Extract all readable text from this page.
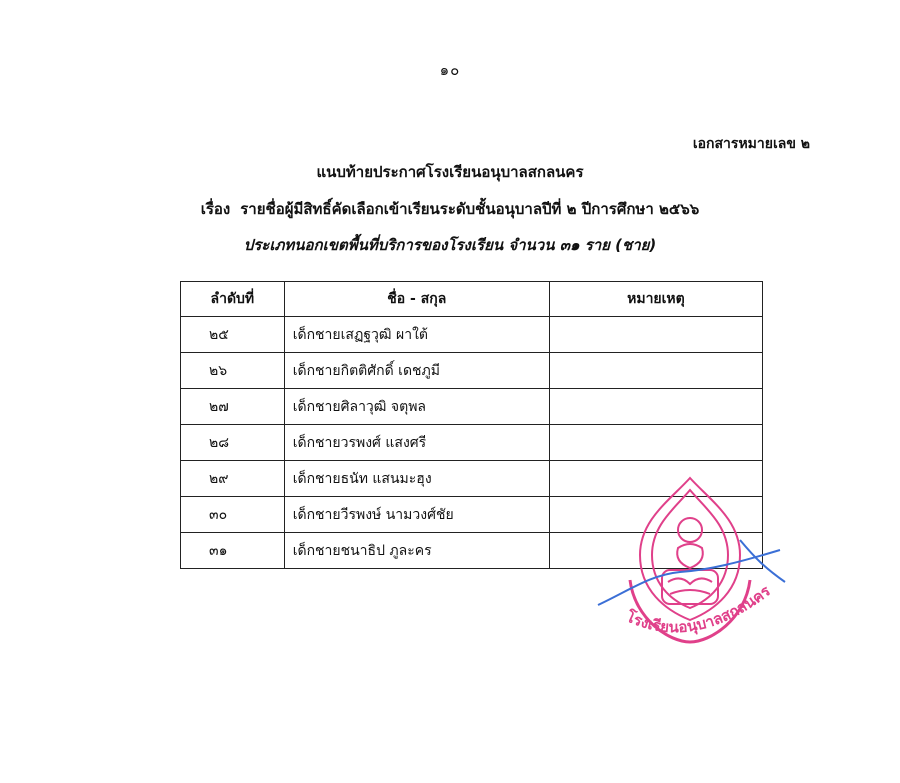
๑๐
เอกสารหมายเลข ๒
แนบท้ายประกาศโรงเรียนอนุบาลสกลนคร
เรื่อง รายชื่อผู้มีสิทธิ์คัดเลือกเข้าเรียนระดับชั้นอนุบาลปีที่ ๒ ปีการศึกษา ๒๕๖๖
ประเภทนอกเขตพื้นที่บริการของโรงเรียน จำนวน ๓๑ ราย (ชาย)
ลำดับที่	ชื่อ - สกุล	หมายเหตุ
๒๕	เด็กชายเสฏฐวุฒิ ผาใต้	
๒๖	เด็กชายกิตติศักดิ์ เดชภูมี	
๒๗	เด็กชายศิลาวุฒิ จตุพล	
๒๘	เด็กชายวรพงศ์ แสงศรี	
๒๙	เด็กชายธนัท แสนมะฮุง	
๓๐	เด็กชายวีรพงษ์ นามวงศ์ชัย	
๓๑	เด็กชายชนาธิป ภูละคร	
โรงเรียนอนุบาลสกลนคร
